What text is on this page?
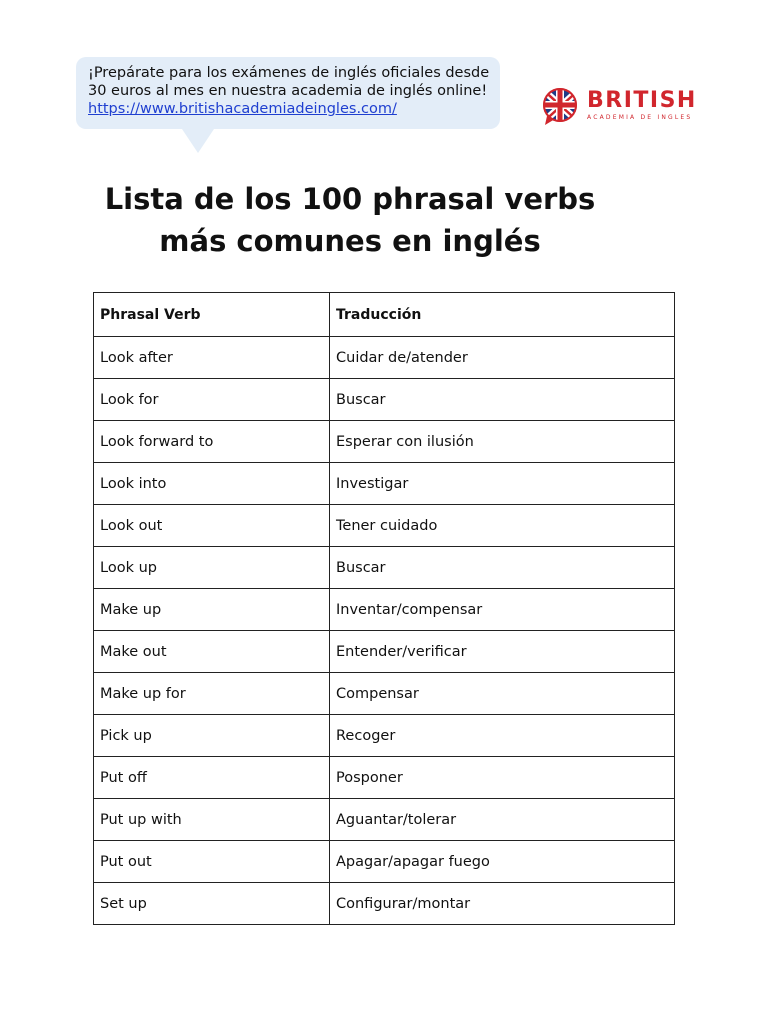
¡Prepárate para los exámenes de inglés oficiales desde
30 euros al mes en nuestra academia de inglés online!
https://www.britishacademiadeingles.com/	BRITISH
ACADEMIA DE INGLES
Lista de los 100 phrasal verbs
más comunes en inglés
Phrasal Verb	Traducción
Look after	Cuidar de/atender
Look for	Buscar
Look forward to	Esperar con ilusión
Look into	Investigar
Look out	Tener cuidado
Look up	Buscar
Make up	Inventar/compensar
Make out	Entender/verificar
Make up for	Compensar
Pick up	Recoger
Put off	Posponer
Put up with	Aguantar/tolerar
Put out	Apagar/apagar fuego
Set up	Configurar/montar
